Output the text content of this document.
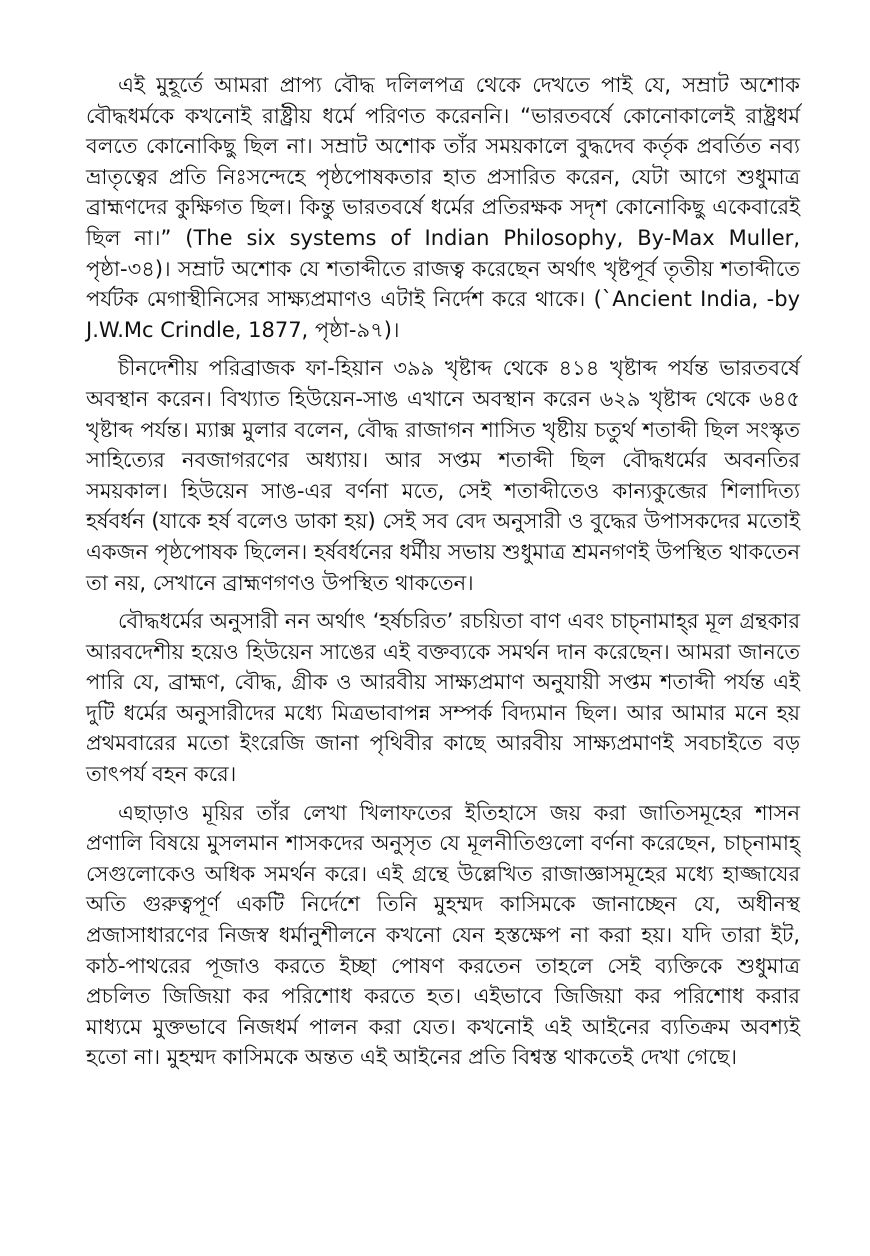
এই মুহূর্তে আমরা প্রাপ্য বৌদ্ধ দলিলপত্র থেকে দেখতে পাই যে, সম্রাট অশোক বৌদ্ধধর্মকে কখনোই রাষ্ট্রীয় ধর্মে পরিণত করেননি। “ভারতবর্ষে কোনোকালেই রাষ্ট্রধর্ম বলতে কোনোকিছু ছিল না। সম্রাট অশোক তাঁর সময়কালে বুদ্ধদেব কর্তৃক প্রবর্তিত নব্য ভ্রাতৃত্বের প্রতি নিঃসন্দেহে পৃষ্ঠপোষকতার হাত প্রসারিত করেন, যেটা আগে শুধুমাত্র ব্রাহ্মণদের কুক্ষিগত ছিল। কিন্তু ভারতবর্ষে ধর্মের প্রতিরক্ষক সদৃশ কোনোকিছু একেবারেই ছিল না।” (The six systems of Indian Philosophy, By-Max Muller, পৃষ্ঠা-৩৪)। সম্রাট অশোক যে শতাব্দীতে রাজত্ব করেছেন অর্থাৎ খৃষ্টপূর্ব তৃতীয় শতাব্দীতে পর্যটক মেগাস্থীনিসের সাক্ষ্যপ্রমাণও এটাই নির্দেশ করে থাকে। (`Ancient India, -by J.W.Mc Crindle, 1877, পৃষ্ঠা-৯৭)।

চীনদেশীয় পরিব্রাজক ফা-হিয়ান ৩৯৯ খৃষ্টাব্দ থেকে ৪১৪ খৃষ্টাব্দ পর্যন্ত ভারতবর্ষে অবস্থান করেন। বিখ্যাত হিউয়েন-সাঙ এখানে অবস্থান করেন ৬২৯ খৃষ্টাব্দ থেকে ৬৪৫ খৃষ্টাব্দ পর্যন্ত। ম্যাক্স মুলার বলেন, বৌদ্ধ রাজাগন শাসিত খৃষ্টীয় চতুর্থ শতাব্দী ছিল সংস্কৃত সাহিত্যের নবজাগরণের অধ্যায়। আর সপ্তম শতাব্দী ছিল বৌদ্ধধর্মের অবনতির সময়কাল। হিউয়েন সাঙ-এর বর্ণনা মতে, সেই শতাব্দীতেও কান্যকুব্জের শিলাদিত্য হর্ষবর্ধন (যাকে হর্ষ বলেও ডাকা হয়) সেই সব বেদ অনুসারী ও বুদ্ধের উপাসকদের মতোই একজন পৃষ্ঠপোষক ছিলেন। হর্ষবর্ধনের ধর্মীয় সভায় শুধুমাত্র শ্রমনগণই উপস্থিত থাকতেন তা নয়, সেখানে ব্রাহ্মণগণও উপস্থিত থাকতেন।

বৌদ্ধধর্মের অনুসারী নন অর্থাৎ ‘হর্ষচরিত’ রচয়িতা বাণ এবং চাচ্‌নামাহ্‌র মূল গ্রন্থকার আরবদেশীয় হয়েও হিউয়েন সাঙের এই বক্তব্যকে সমর্থন দান করেছেন। আমরা জানতে পারি যে, ব্রাহ্মণ, বৌদ্ধ, গ্রীক ও আরবীয় সাক্ষ্যপ্রমাণ অনুযায়ী সপ্তম শতাব্দী পর্যন্ত এই দুটি ধর্মের অনুসারীদের মধ্যে মিত্রভাবাপন্ন সম্পর্ক বিদ্যমান ছিল। আর আমার মনে হয় প্রথমবারের মতো ইংরেজি জানা পৃথিবীর কাছে আরবীয় সাক্ষ্যপ্রমাণই সবচাইতে বড় তাৎপর্য বহন করে।

এছাড়াও মূয়ির তাঁর লেখা খিলাফতের ইতিহাসে জয় করা জাতিসমূহের শাসন প্রণালি বিষয়ে মুসলমান শাসকদের অনুসৃত যে মূলনীতিগুলো বর্ণনা করেছেন, চাচ্‌নামাহ্‌ সেগুলোকেও অধিক সমর্থন করে। এই গ্রন্থে উল্লেখিত রাজাজ্ঞাসমূহের মধ্যে হাজ্জাযের অতি গুরুত্বপূর্ণ একটি নির্দেশে তিনি মুহম্মদ কাসিমকে জানাচ্ছেন যে, অধীনস্থ প্রজাসাধারণের নিজস্ব ধর্মানুশীলনে কখনো যেন হস্তক্ষেপ না করা হয়। যদি তারা ইট, কাঠ-পাথরের পূজাও করতে ইচ্ছা পোষণ করতেন তাহলে সেই ব্যক্তিকে শুধুমাত্র প্রচলিত জিজিয়া কর পরিশোধ করতে হত। এইভাবে জিজিয়া কর পরিশোধ করার মাধ্যমে মুক্তভাবে নিজধর্ম পালন করা যেত। কখনোই এই আইনের ব্যতিক্রম অবশ্যই হতো না। মুহম্মদ কাসিমকে অন্তত এই আইনের প্রতি বিশ্বস্ত থাকতেই দেখা গেছে।
